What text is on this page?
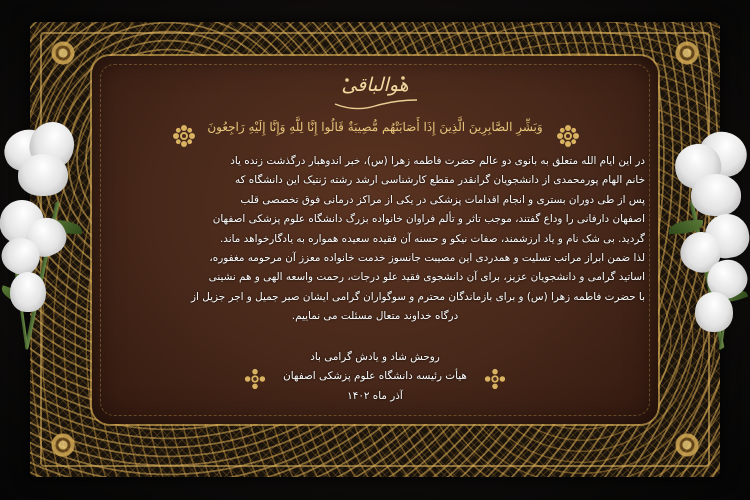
هوالباقی
وَبَشِّرِ الصَّابِرِينَ الَّذِينَ إِذَا أَصَابَتْهُم مُّصِيبَةٌ قَالُوا إِنَّا لِلَّهِ وَإِنَّا إِلَيْهِ رَاجِعُونَ

در این ایام الله متعلق به بانوی دو عالم حضرت فاطمه زهرا (س)، خبر اندوهبار درگذشت زنده یاد

خانم الهام پورمحمدی از دانشجویان گرانقدر مقطع کارشناسی ارشد رشته ژنتیک این دانشگاه که

پس از طی دوران بستری و انجام اقدامات پزشکی در یکی از مراکز درمانی فوق تخصصی قلب

اصفهان دارفانی را وداع گفتند، موجب تاثر و تألم فراوان خانواده بزرگ دانشگاه علوم پزشکی اصفهان

گردید. بی شک نام و یاد ارزشمند، صفات نیکو و حسنه آن فقیده سعیده همواره به یادگارخواهد ماند.

لذا ضمن ابراز مراتب تسلیت و همدردی این مصیبت جانسوز خدمت خانواده معزز آن مرحومه مغفوره،

اساتید گرامی و دانشجویان عزیز، برای آن دانشجوی فقید علو درجات، رحمت واسعه الهی و هم نشینی

با حضرت فاطمه زهرا (س) و برای بازماندگان محترم و سوگواران گرامی ایشان صبر جمیل و اجر جزیل از

درگاه خداوند متعال مسئلت می نماییم.

روحش شاد و یادش گرامی باد
هیأت رئیسه دانشگاه علوم پزشکی اصفهان
آذر ماه ۱۴۰۲
